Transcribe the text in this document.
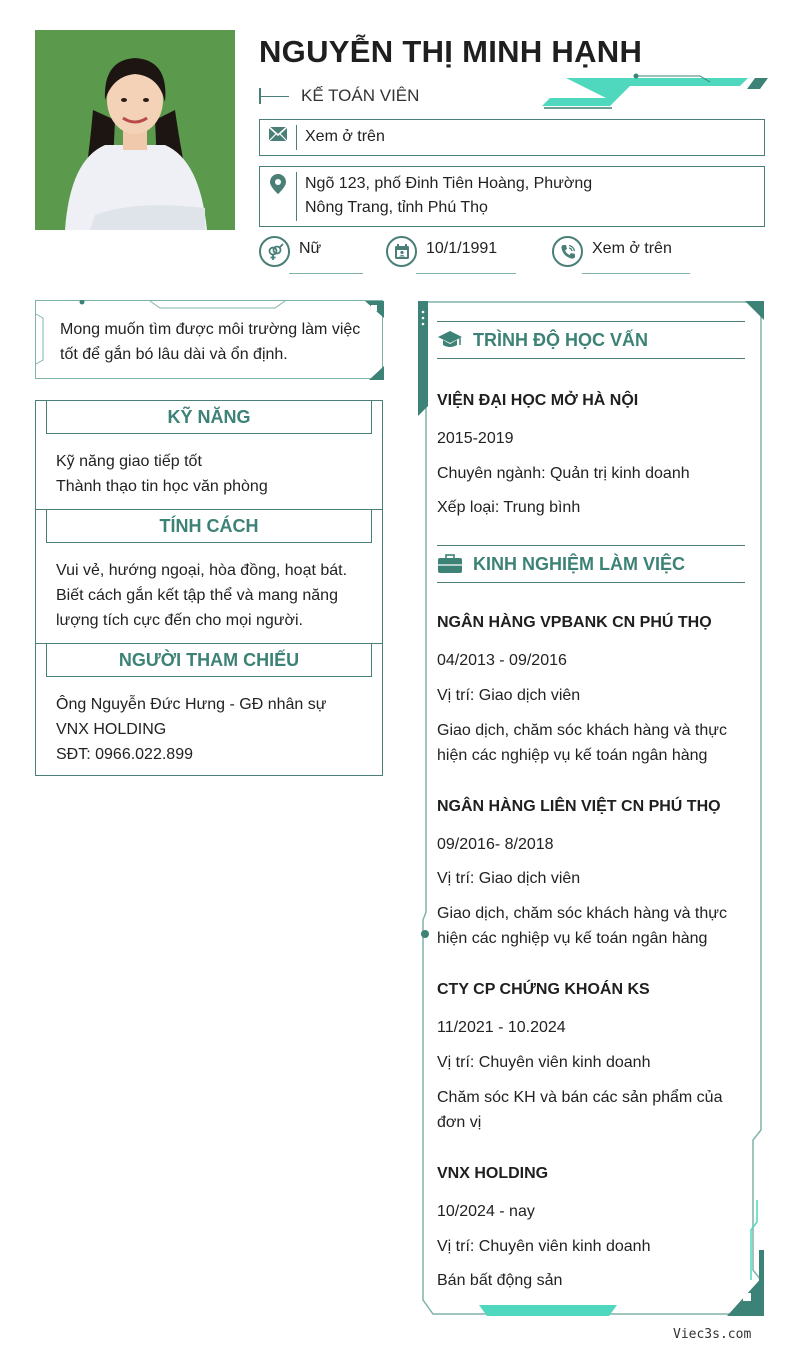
NGUYỄN THỊ MINH HẠNH
KẾ TOÁN VIÊN
Xem ở trên
Ngõ 123, phố Đinh Tiên Hoàng, Phường
Nông Trang, tỉnh Phú Thọ
Nữ	10/1/1991	Xem ở trên
Mong muốn tìm được môi trường làm việc tốt để gắn bó lâu dài và ổn định.
KỸ NĂNG
Kỹ năng giao tiếp tốt
Thành thạo tin học văn phòng
TÍNH CÁCH
Vui vẻ, hướng ngoại, hòa đồng, hoạt bát.
Biết cách gắn kết tập thể và mang năng
lượng tích cực đến cho mọi người.
NGƯỜI THAM CHIẾU
Ông Nguyễn Đức Hưng - GĐ nhân sự
VNX HOLDING
SĐT: 0966.022.899
TRÌNH ĐỘ HỌC VẤN
VIỆN ĐẠI HỌC MỞ HÀ NỘI
2015-2019
Chuyên ngành: Quản trị kinh doanh
Xếp loại: Trung bình
KINH NGHIỆM LÀM VIỆC
NGÂN HÀNG VPBANK CN PHÚ THỌ
04/2013 - 09/2016
Vị trí: Giao dịch viên
Giao dịch, chăm sóc khách hàng và thực hiện các nghiệp vụ kế toán ngân hàng
NGÂN HÀNG LIÊN VIỆT CN PHÚ THỌ
09/2016- 8/2018
Vị trí: Giao dịch viên
Giao dịch, chăm sóc khách hàng và thực hiện các nghiệp vụ kế toán ngân hàng
CTY CP CHỨNG KHOÁN KS
11/2021 - 10.2024
Vị trí: Chuyên viên kinh doanh
Chăm sóc KH và bán các sản phẩm của đơn vị
VNX HOLDING
10/2024 - nay
Vị trí: Chuyên viên kinh doanh
Bán bất động sản
Viec3s.com
